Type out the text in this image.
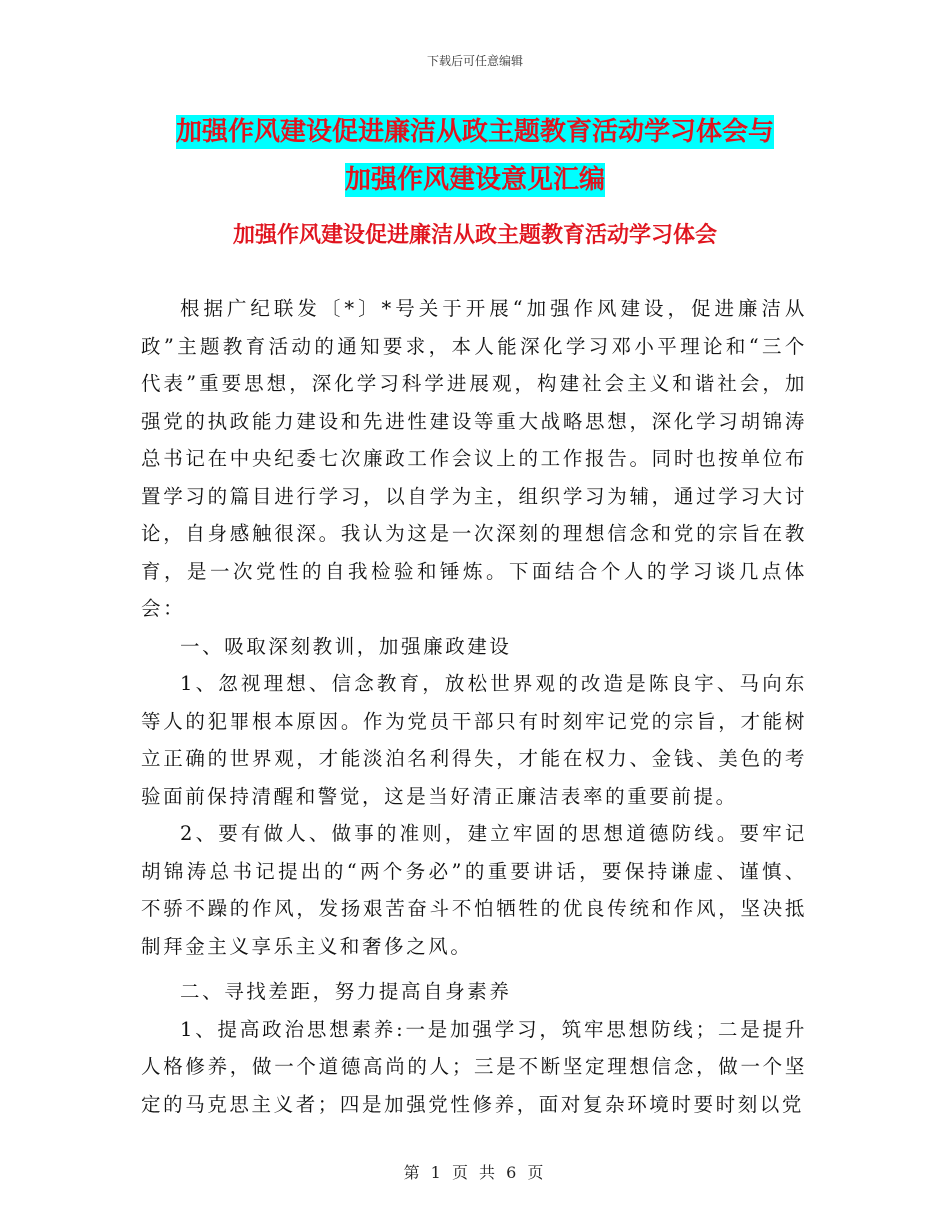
下载后可任意编辑
加强作风建设促进廉洁从政主题教育活动学习体会与
加强作风建设意见汇编
加强作风建设促进廉洁从政主题教育活动学习体会

根据广纪联发〔*〕*号关于开展“加强作风建设，促进廉洁从政”主题教育活动的通知要求，本人能深化学习邓小平理论和“三个代表”重要思想，深化学习科学进展观，构建社会主义和谐社会，加强党的执政能力建设和先进性建设等重大战略思想，深化学习胡锦涛总书记在中央纪委七次廉政工作会议上的工作报告。同时也按单位布置学习的篇目进行学习，以自学为主，组织学习为辅，通过学习大讨论，自身感触很深。我认为这是一次深刻的理想信念和党的宗旨在教育，是一次党性的自我检验和锤炼。下面结合个人的学习谈几点体会：

一、吸取深刻教训，加强廉政建设

1、忽视理想、信念教育，放松世界观的改造是陈良宇、马向东等人的犯罪根本原因。作为党员干部只有时刻牢记党的宗旨，才能树立正确的世界观，才能淡泊名利得失，才能在权力、金钱、美色的考验面前保持清醒和警觉，这是当好清正廉洁表率的重要前提。

2、要有做人、做事的准则，建立牢固的思想道德防线。要牢记胡锦涛总书记提出的“两个务必”的重要讲话，要保持谦虚、谨慎、不骄不躁的作风，发扬艰苦奋斗不怕牺牲的优良传统和作风，坚决抵制拜金主义享乐主义和奢侈之风。

二、寻找差距，努力提高自身素养

1、提高政治思想素养:一是加强学习，筑牢思想防线；二是提升人格修养，做一个道德高尚的人；三是不断坚定理想信念，做一个坚定的马克思主义者；四是加强党性修养，面对复杂环境时要时刻以党

第 1 页 共 6 页
